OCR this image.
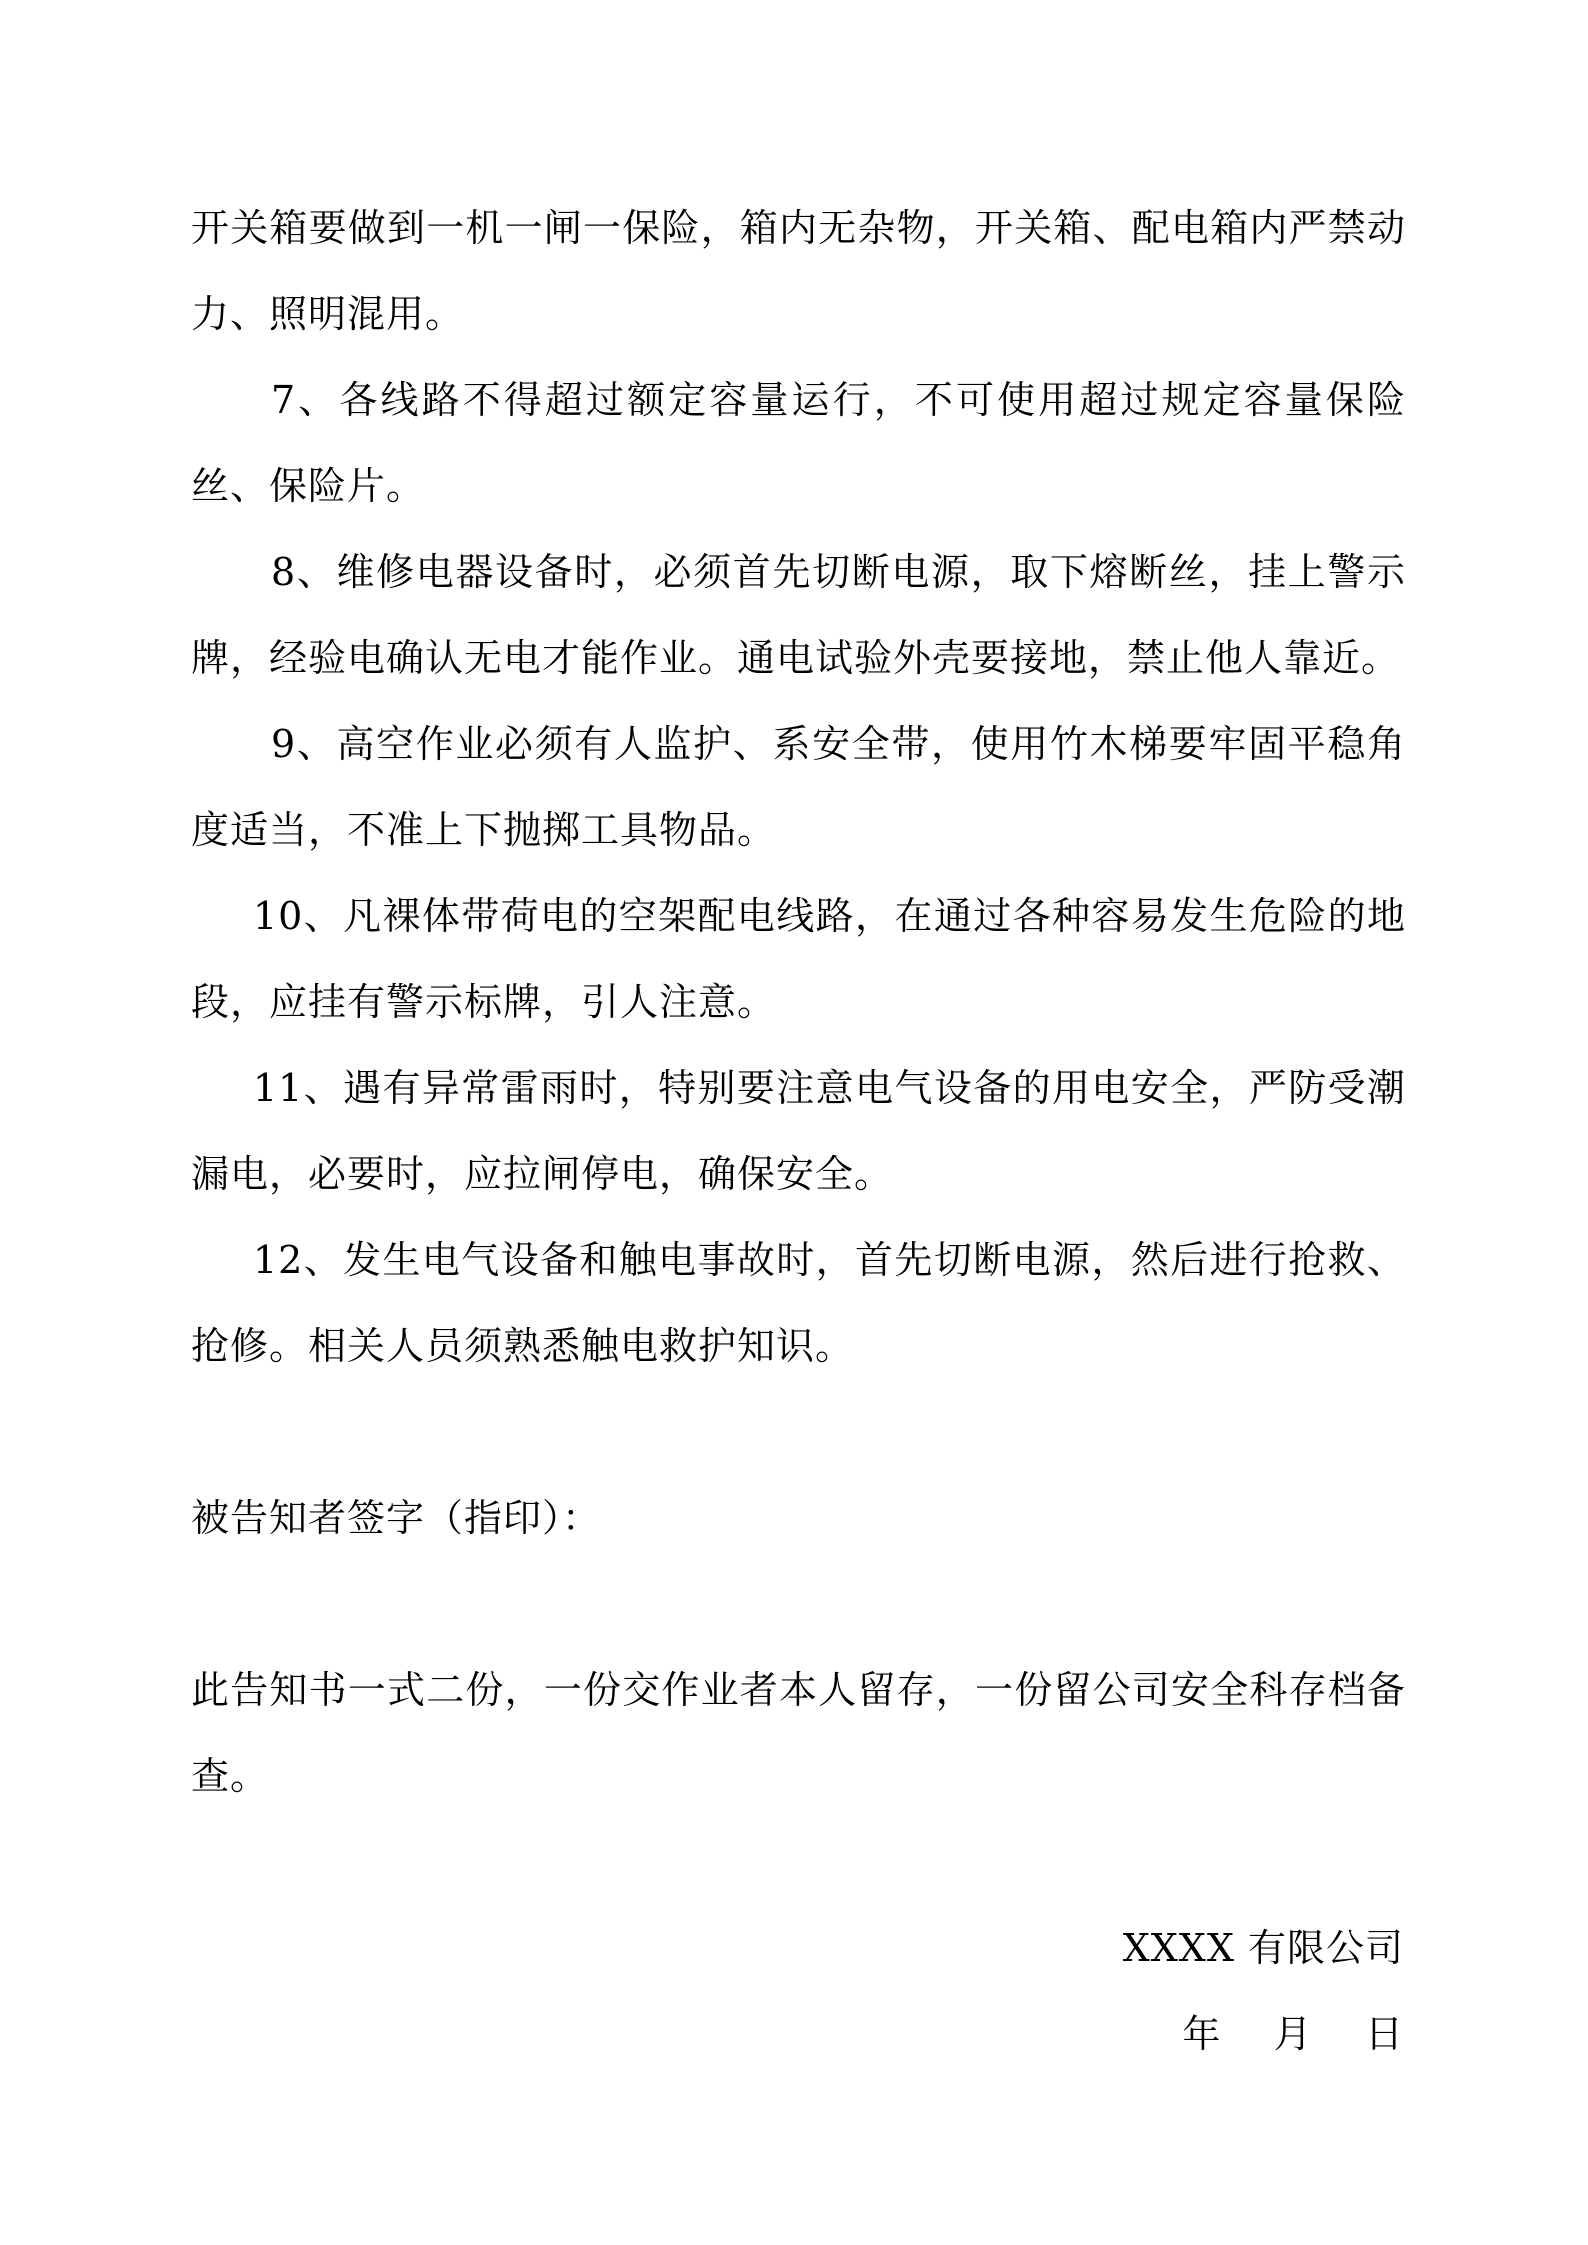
开关箱要做到一机一闸一保险，箱内无杂物，开关箱、配电箱内严禁动力、照明混用。

7、各线路不得超过额定容量运行，不可使用超过规定容量保险丝、保险片。

8、维修电器设备时，必须首先切断电源，取下熔断丝，挂上警示牌，经验电确认无电才能作业。通电试验外壳要接地，禁止他人靠近。

9、高空作业必须有人监护、系安全带，使用竹木梯要牢固平稳角度适当，不准上下抛掷工具物品。

10、凡裸体带荷电的空架配电线路，在通过各种容易发生危险的地段，应挂有警示标牌，引人注意。

11、遇有异常雷雨时，特别要注意电气设备的用电安全，严防受潮漏电，必要时，应拉闸停电，确保安全。

12、发生电气设备和触电事故时，首先切断电源，然后进行抢救、抢修。相关人员须熟悉触电救护知识。

被告知者签字（指印）：

此告知书一式二份，一份交作业者本人留存，一份留公司安全科存档备查。

XXXX 有限公司
年    月    日
